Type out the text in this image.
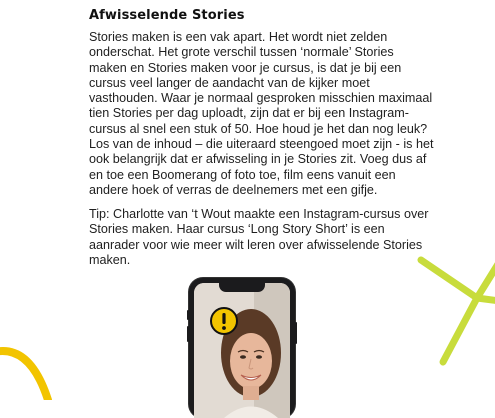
Afwisselende Stories

Stories maken is een vak apart. Het wordt niet zelden onderschat. Het grote verschil tussen ‘normale’ Stories maken en Stories maken voor je cursus, is dat je bij een cursus veel langer de aandacht van de kijker moet vasthouden. Waar je normaal gesproken misschien maximaal tien Stories per dag uploadt, zijn dat er bij een Instagram-cursus al snel een stuk of 50. Hoe houd je het dan nog leuk? Los van de inhoud – die uiteraard steengoed moet zijn - is het ook belangrijk dat er afwisseling in je Stories zit. Voeg dus af en toe een Boomerang of foto toe, film eens vanuit een andere hoek of verras de deelnemers met een gifje.

Tip: Charlotte van ‘t Wout maakte een Instagram-cursus over Stories maken. Haar cursus ‘Long Story Short’ is een aanrader voor wie meer wilt leren over afwisselende Stories maken.
